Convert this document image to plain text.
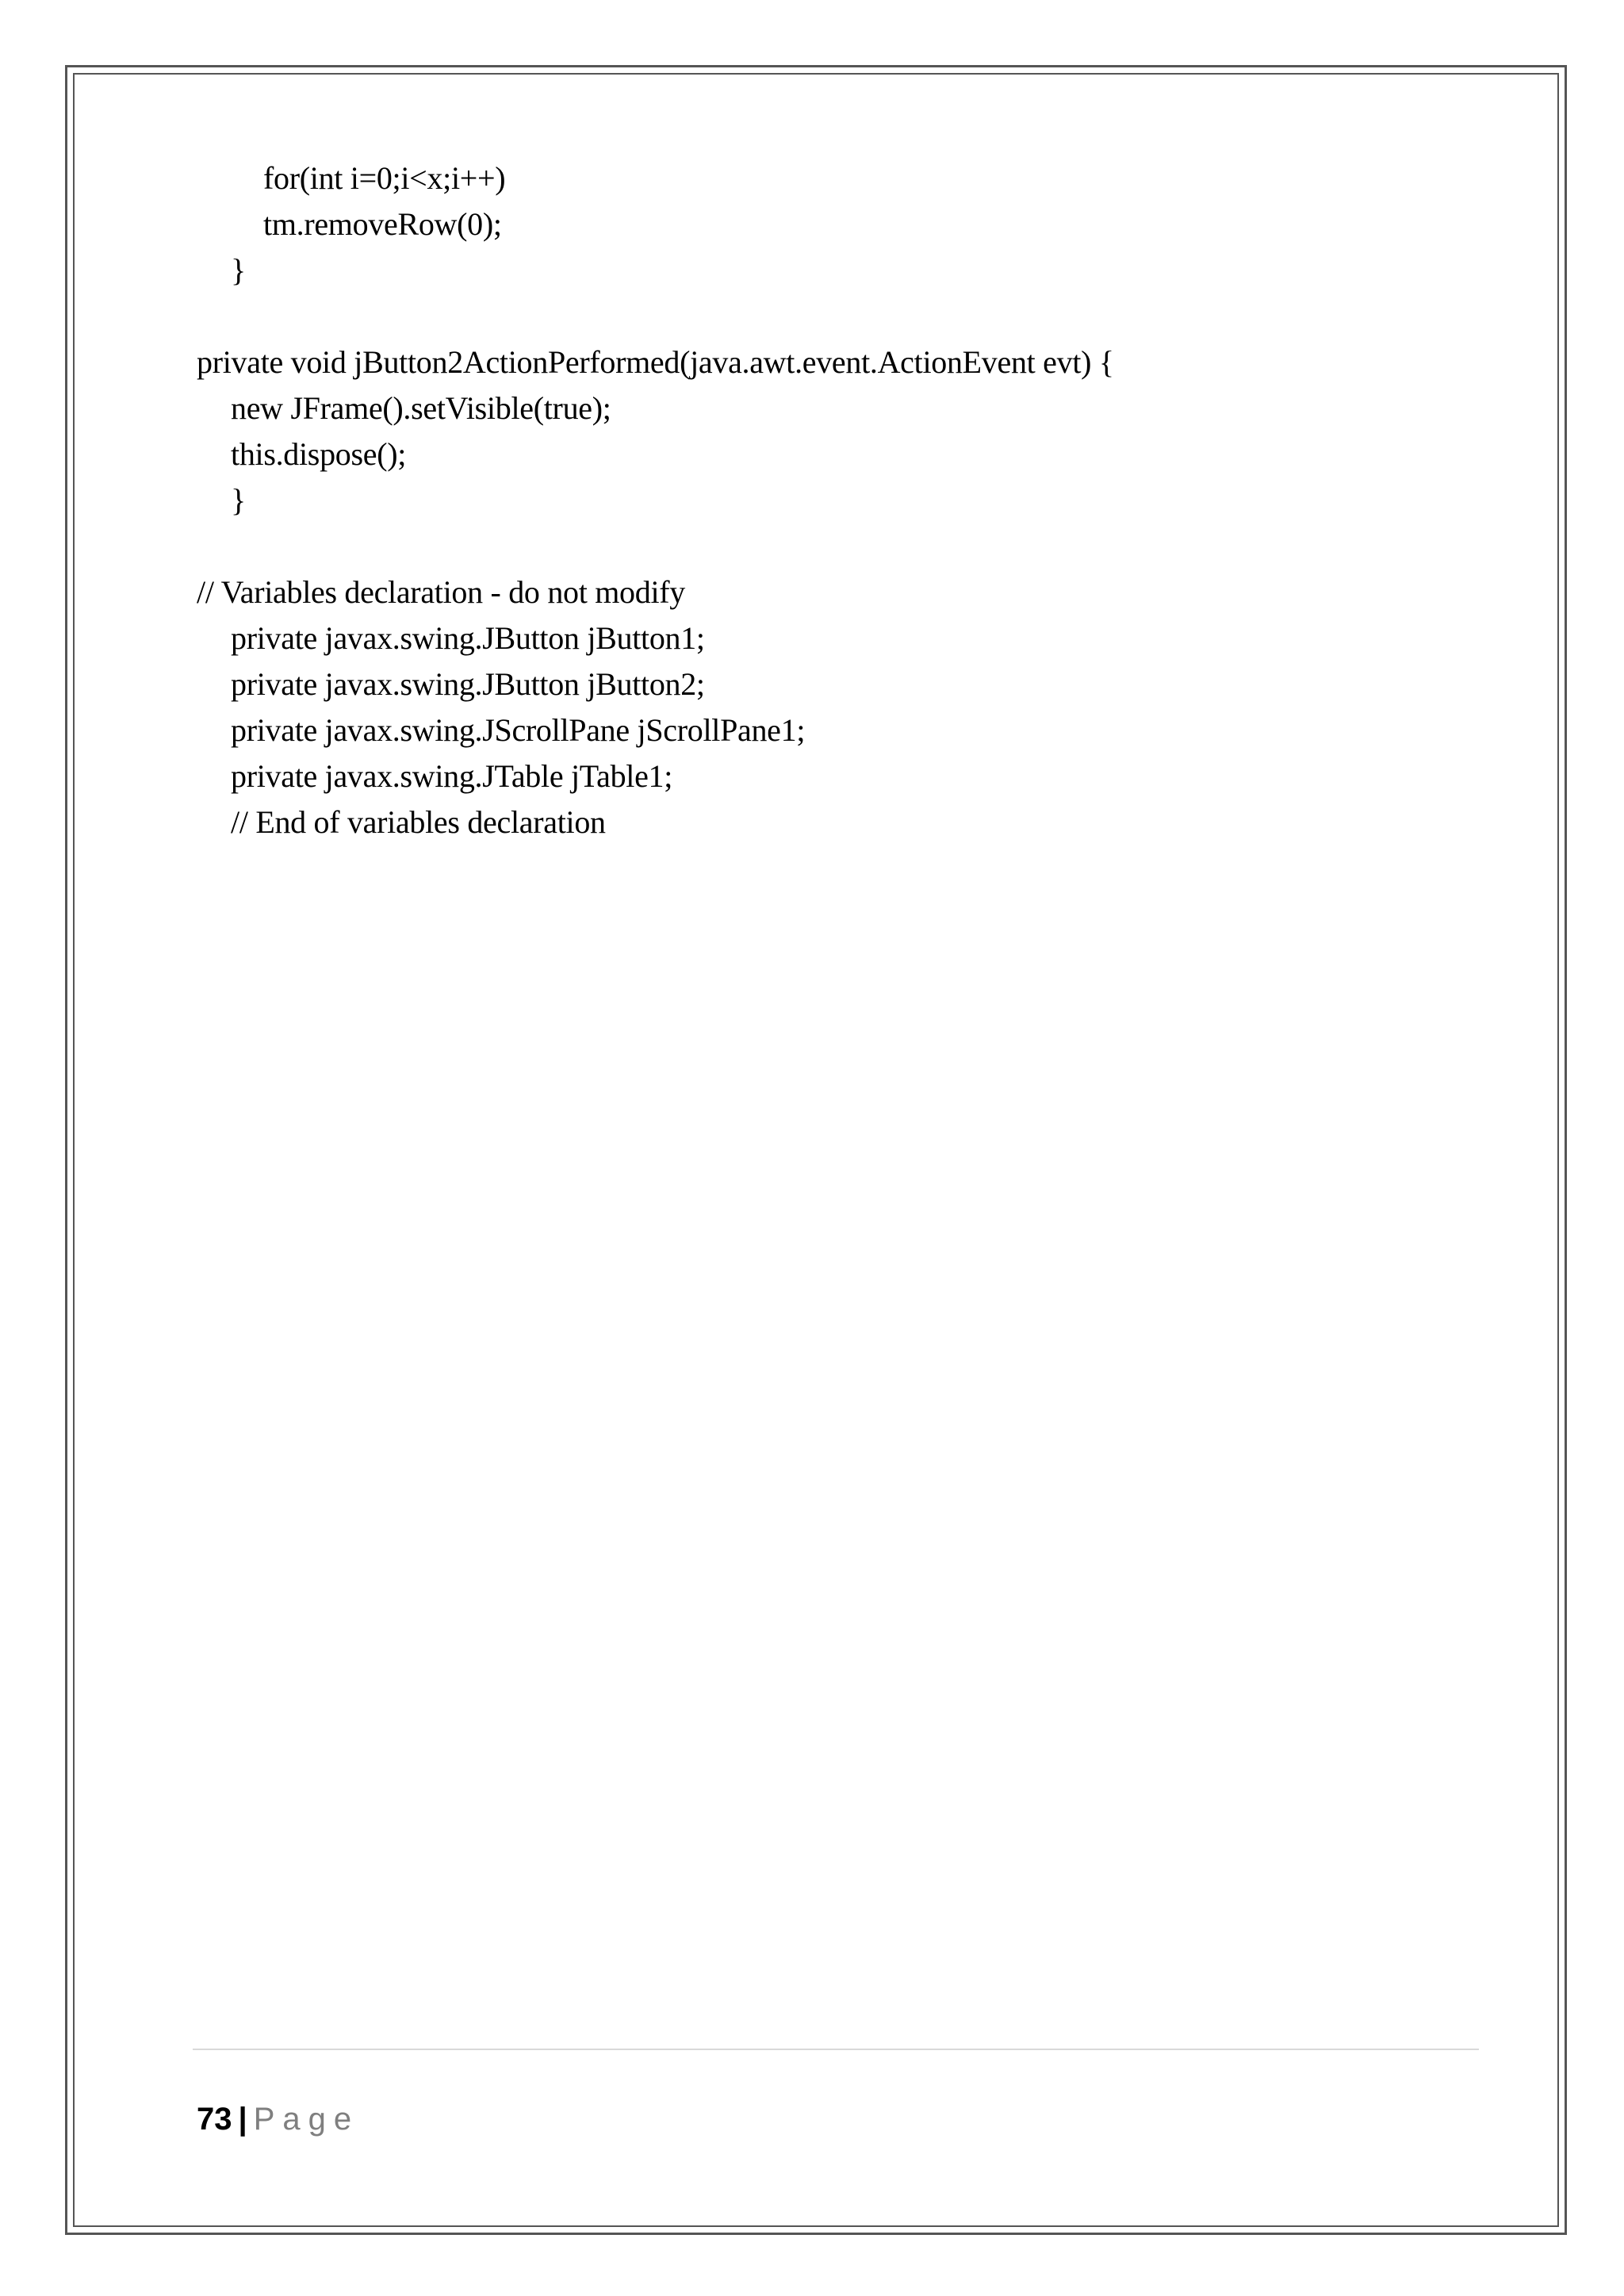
for(int i=0;i<x;i++)
tm.removeRow(0);
}
private void jButton2ActionPerformed(java.awt.event.ActionEvent evt) {
new JFrame().setVisible(true);
this.dispose();
}
// Variables declaration - do not modify
private javax.swing.JButton jButton1;
private javax.swing.JButton jButton2;
private javax.swing.JScrollPane jScrollPane1;
private javax.swing.JTable jTable1;
// End of variables declaration
73 | Page
